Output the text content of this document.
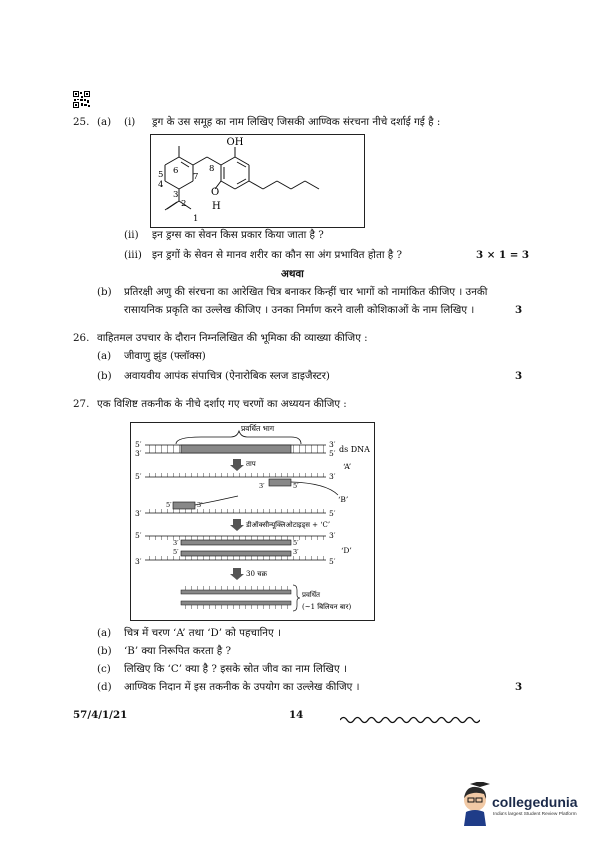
25. (a) (i) ड्रग के उस समूह का नाम लिखिए जिसकी आण्विक संरचना नीचे दर्शाई गई है :
OH
O
H
6
7
8
5
4
3
2
1
(ii) इन ड्रग्स का सेवन किस प्रकार किया जाता है ?
(iii) इन ड्रगों के सेवन से मानव शरीर का कौन सा अंग प्रभावित होता है ?	3 × 1 = 3
अथवा
(b) प्रतिरक्षी अणु की संरचना का आरेखित चित्र बनाकर किन्हीं चार भागों को नामांकित कीजिए । उनकी
रासायनिक प्रकृति का उल्लेख कीजिए । उनका निर्माण करने वाली कोशिकाओं के नाम लिखिए ।	3
26. वाहितमल उपचार के दौरान निम्नलिखित की भूमिका की व्याख्या कीजिए :
(a) जीवाणु झुंड (फ्लॉक्स)
(b) अवायवीय आपंक संपाचित्र (ऐनारोबिक स्लज डाइजैस्टर)	3
27. एक विशिष्ट तकनीक के नीचे दर्शाए गए चरणों का अध्ययन कीजिए :
प्रवर्धित भाग
5′
3′
3′
5′ ds DNA
ताप	‘A’
5′	3′
3′	5′
‘B’
5′	3′
3′	5′
डीऑक्सीन्यूक्लिओटाइड्स + ‘C’
5′	3′
3′	5′
‘D’
5′	3′
3′	5′
30 चक्र
प्रवर्धित
(~1 बिलियन बार)
(a) चित्र में चरण ‘A’ तथा ‘D’ को पहचानिए ।
(b) ‘B’ क्या निरूपित करता है ?
(c) लिखिए कि ‘C’ क्या है ? इसके स्रोत जीव का नाम लिखिए ।
(d) आण्विक निदान में इस तकनीक के उपयोग का उल्लेख कीजिए ।	3
57/4/1/21	14
collegedunia
India's largest Student Review Platform
